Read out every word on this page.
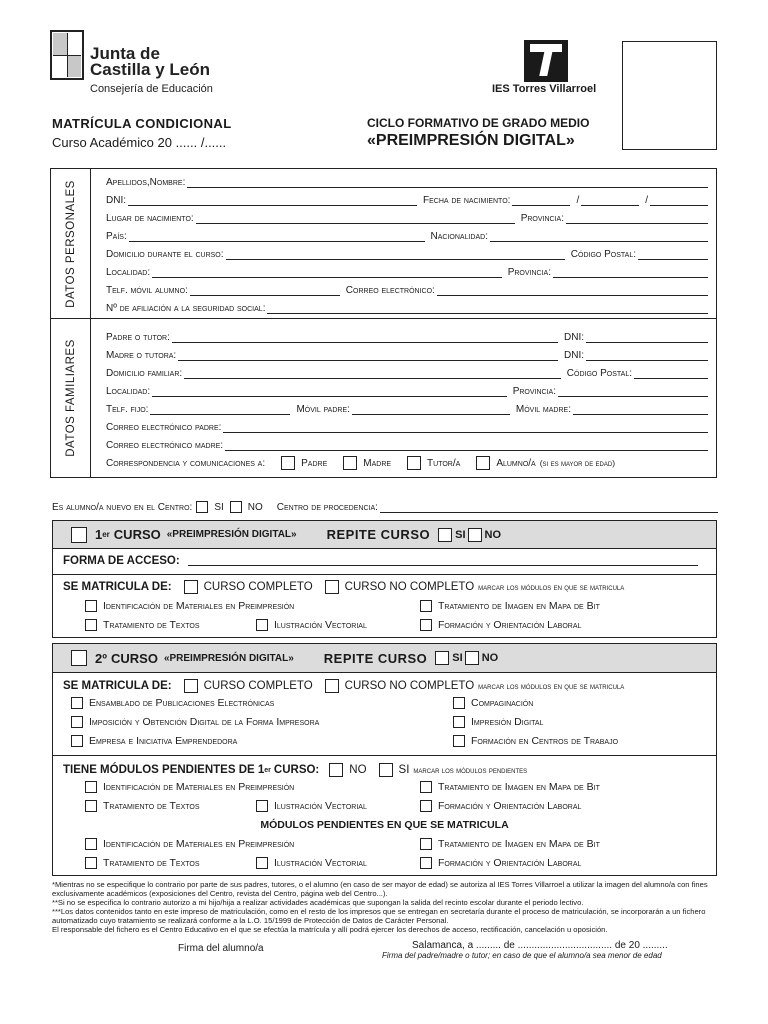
Junta de
Castilla y León
Consejería de Educación	IES Torres Villarroel
MATRÍCULA CONDICIONAL
Curso Académico 20 ...... /......
CICLO FORMATIVO DE GRADO MEDIO
«PREIMPRESIÓN DIGITAL»
DATOS PERSONALES	Apellidos,Nombre:
DNI:	Fecha de nacimiento:	/	/
Lugar de nacimiento:	Provincia:
País:	Nacionalidad:
Domicilio durante el curso:	Código Postal:
Localidad:	Provincia:
Telf. móvil alumno:	Correo electrónico:
Nº de afiliación a la seguridad social:
DATOS FAMILIARES
Padre o tutor:	DNI:
Madre o tutora:	DNI:
Domicilio familiar:	Código Postal:
Localidad:	Provincia:
Telf. fijo:	Móvil padre:	Móvil madre:
Correo electrónico padre:
Correo electrónico madre:
Correspondencia y comunicaciones a:	Padre	Madre	Tutor/a	Alumno/a (si es mayor de edad)
Es alumno/a nuevo en el Centro: SI NO Centro de procedencia:
1 er CURSO «PREIMPRESIÓN DIGITAL» REPITE CURSO SI NO
FORMA DE ACCESO:
SE MATRICULA DE:	CURSO COMPLETO	CURSO NO COMPLETO marcar los módulos en que se matricula
Identificación de Materiales en Preimpresión	Tratamiento de Imagen en Mapa de Bit
Tratamiento de Textos	Ilustración Vectorial	Formación y Orientación Laboral
2º CURSO «PREIMPRESIÓN DIGITAL» REPITE CURSO SI NO
SE MATRICULA DE:	CURSO COMPLETO	CURSO NO COMPLETO marcar los módulos en que se matricula
Ensamblado de Publicaciones Electrónicas	Compaginación
Imposición y Obtención Digital de la Forma Impresora	Impresión Digital
Empresa e Iniciativa Emprendedora	Formación en Centros de Trabajo
TIENE MÓDULOS PENDIENTES DE 1 er CURSO:	NO	SI marcar los módulos pendientes
Identificación de Materiales en Preimpresión	Tratamiento de Imagen en Mapa de Bit
Tratamiento de Textos	Ilustración Vectorial	Formación y Orientación Laboral
MÓDULOS PENDIENTES EN QUE SE MATRICULA
Identificación de Materiales en Preimpresión	Tratamiento de Imagen en Mapa de Bit
Tratamiento de Textos	Ilustración Vectorial	Formación y Orientación Laboral
*Mientras no se especifique lo contrario por parte de sus padres, tutores, o el alumno (en caso de ser mayor de edad) se autoriza al IES Torres Villarroel a utilizar la imagen del alumno/a con fines exclusivamente académicos (exposiciones del Centro, revista del Centro, página web del Centro...).
**Si no se especifica lo contrario autorizo a mi hijo/hija a realizar actividades académicas que supongan la salida del recinto escolar durante el periodo lectivo.
***Los datos contenidos tanto en este impreso de matriculación, como en el resto de los impresos que se entregan en secretaría durante el proceso de matriculación, se incorporarán a un fichero automatizado cuyo tratamiento se realizará conforme a la L.O. 15/1999 de Protección de Datos de Carácter Personal.
El responsable del fichero es el Centro Educativo en el que se efectúa la matrícula y allí podrá ejercer los derechos de acceso, rectificación, cancelación u oposición.
Firma del alumno/a	Salamanca, a ......... de .................................. de 20 .........
Firma del padre/madre o tutor; en caso de que el alumno/a sea menor de edad
